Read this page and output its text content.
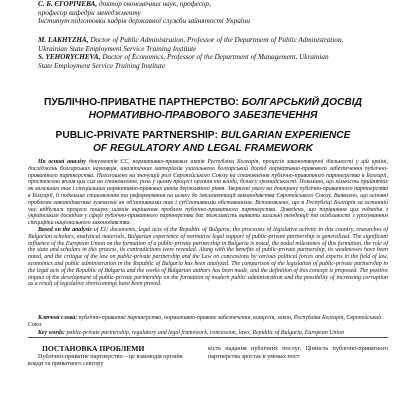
С. Б. ЄГОРІЧЕВА, доктор економічних наук, професор,
професор кафедри менеджменту
Інститут підготовки кадрів державної служби зайнятості України
M. LAKHYZHA, Doctor of Public Administration, Professor of the Department of Public Administration,
Ukrainian State Employment Service Training Institute
S. YEHORYCHEVA, Doctor of Economics, Professor of the Department of Management, Ukrainian
State Employment Service Training Institute
ПУБЛІЧНО-ПРИВАТНЕ ПАРТНЕРСТВО: БОЛГАРСЬКИЙ ДОСВІД
НОРМАТИВНО-ПРАВОВОГО ЗАБЕЗПЕЧЕННЯ
PUBLIC-PRIVATE PARTNERSHIP: BULGARIAN EXPERIENCE
OF REGULATORY AND LEGAL FRAMEWORK

На основі аналізу документів ЄС, нормативно-правових актів Республіки Болгарія, процесів законотворчої діяльності у цій країні, досліджень болгарських науковців, аналітичних матеріалів узагальнено болгарський досвід нормативно-правового забезпечення публічно-приватного партнерства. Наголошено на значущій ролі Європейського Союзу на становлення публічно-приватного партнерства в Болгарії, простежено вплив цих сил на становлення, роль у цьому процесі органів та влади, бізнесу громадськості. Показано, що кількість прийнятих як загальних так і спеціальних нормативно-правових актів державного рівня. Звернено увагу на доктрину публічно-приватного партнерства в Болгарії, її подальше становлення та реформування на шляху до імплементації законодавства Європейського Союзу. Виявлено, що основні проблеми законодавства зумовлені як об'єктивними так і суб'єктивними обставинами. Встановлено, що в Республіці Болгарія за останній час відбулися процеси пошуку шляхів вирішення проблем публічно-приватного партнерства. Доведено, що порівняння цих підходів з українським досвідом у сфері публічно-приватного партнерства дає можливість виявити загальні тенденції та особливості з урахуванням специфіки національного законодавства.

Based on the analysis of EU documents, legal acts of the Republic of Bulgaria, the processes of legislative activity in this country, researches of Bulgarian scholars, analytical materials, Bulgarian experience of normative legal support of public-private partnership is generalized. The significant influence of the European Union on the formation of a public-private partnership in Bulgaria is noted, the nodal milestones of this formation, the role of the state and scholars in this process, its contradictions were revealed. Along with the benefits of public-private partnership, its weaknesses have been noted, and the critique of the law on public-private partnership and the Law on concessions by various political forces and experts in the field of law, economics and public administration in the Republic of Bulgaria has been analyzed. The comparison of the legislation of public-private partnership in the legal acts of the Republic of Bulgaria and the works of Bulgarian authors has been made, and the definition of this concept is proposed. The positive impact of the development of public-private partnership on the formation of modern public administration and the possibility of increasing corruption as a result of legislative shortcomings have been proved.

Ключові слова: публічно-приватне партнерство, нормативно-правове забезпечення, концесія, закон, Республіка Болгарія, Європейський Союз

Key words: public-private partnership, regulatory and legal framework, concession, laws, Republic of Bulgaria, European Union

ПОСТАНОВКА ПРОБЛЕМИ
Публічно-приватне партнерство – це взаємодія органів влади та приватного сектору
кість надання публічних послуг. Цінність публічно-приватного партнерства зростає в умовах пост
